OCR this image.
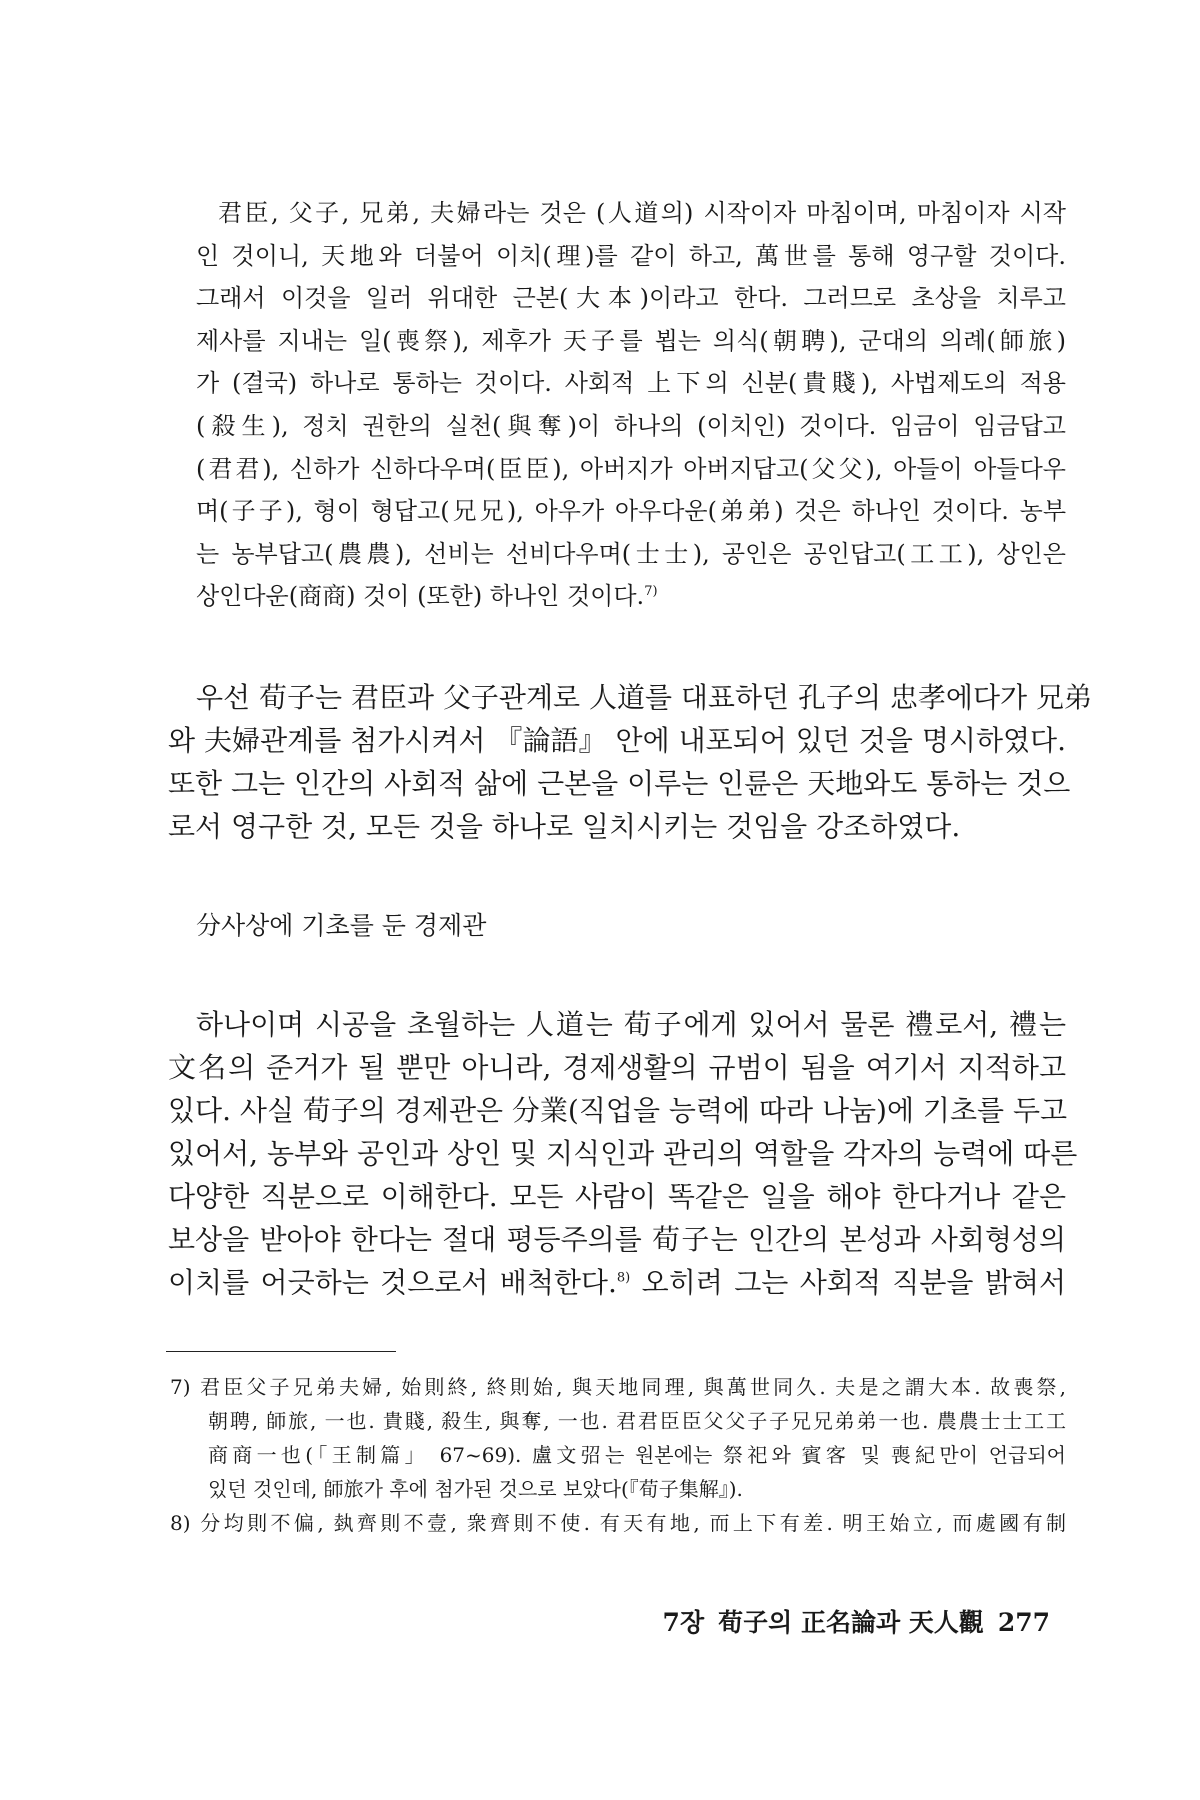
君臣, 父子, 兄弟, 夫婦라는 것은 (人道의) 시작이자 마침이며, 마침이자 시작
인 것이니, 天地와 더불어 이치(理)를 같이 하고, 萬世를 통해 영구할 것이다.
그래서 이것을 일러 위대한 근본(大本)이라고 한다. 그러므로 초상을 치루고
제사를 지내는 일(喪祭), 제후가 天子를 뵙는 의식(朝聘), 군대의 의례(師旅)
가 (결국) 하나로 통하는 것이다. 사회적 上下의 신분(貴賤), 사법제도의 적용
(殺生), 정치 권한의 실천(與奪)이 하나의 (이치인) 것이다. 임금이 임금답고
(君君), 신하가 신하다우며(臣臣), 아버지가 아버지답고(父父), 아들이 아들다우
며(子子), 형이 형답고(兄兄), 아우가 아우다운(弟弟) 것은 하나인 것이다. 농부
는 농부답고(農農), 선비는 선비다우며(士士), 공인은 공인답고(工工), 상인은
상인다운(商商) 것이 (또한) 하나인 것이다.$^{7)}$
우선 荀子는 君臣과 父子관계로 人道를 대표하던 孔子의 忠孝에다가 兄弟
와 夫婦관계를 첨가시켜서 『論語』 안에 내포되어 있던 것을 명시하였다.
또한 그는 인간의 사회적 삶에 근본을 이루는 인륜은 天地와도 통하는 것으
로서 영구한 것, 모든 것을 하나로 일치시키는 것임을 강조하였다.
分사상에 기초를 둔 경제관
하나이며 시공을 초월하는 人道는 荀子에게 있어서 물론 禮로서, 禮는
文名의 준거가 될 뿐만 아니라, 경제생활의 규범이 됨을 여기서 지적하고
있다. 사실 荀子의 경제관은 分業(직업을 능력에 따라 나눔)에 기초를 두고
있어서, 농부와 공인과 상인 및 지식인과 관리의 역할을 각자의 능력에 따른
다양한 직분으로 이해한다. 모든 사람이 똑같은 일을 해야 한다거나 같은
보상을 받아야 한다는 절대 평등주의를 荀子는 인간의 본성과 사회형성의
이치를 어긋하는 것으로서 배척한다.$^{8)}$ 오히려 그는 사회적 직분을 밝혀서
7) 君臣父子兄弟夫婦, 始則終, 終則始, 與天地同理, 與萬世同久. 夫是之謂大本. 故喪祭,
朝聘, 師旅, 一也. 貴賤, 殺生, 與奪, 一也. 君君臣臣父父子子兄兄弟弟一也. 農農士士工工
商商一也(「王制篇」 67~69). 盧文弨는 원본에는 祭祀와 賓客 및 喪紀만이 언급되어
있던 것인데, 師旅가 후에 첨가된 것으로 보았다(『荀子集解』).
8) 分均則不偏, 埶齊則不壹, 衆齊則不使. 有天有地, 而上下有差. 明王始立, 而處國有制
7장 荀子의 正名論과 天人觀 277
